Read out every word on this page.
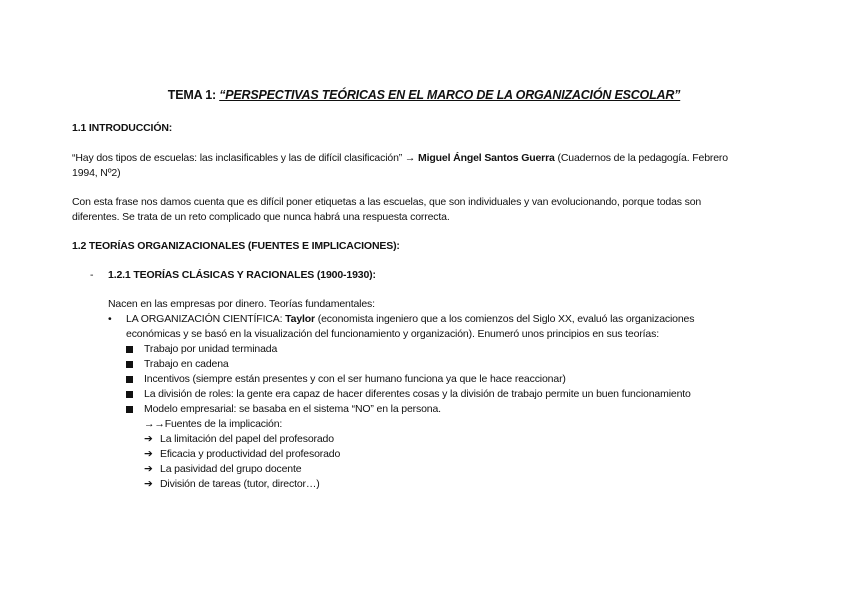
TEMA 1: “PERSPECTIVAS TEÓRICAS EN EL MARCO DE LA ORGANIZACIÓN ESCOLAR”
1.1 INTRODUCCIÓN:
“Hay dos tipos de escuelas: las inclasificables y las de difícil clasificación” → Miguel Ángel Santos Guerra (Cuadernos de la pedagogía. Febrero
1994, Nº2)
Con esta frase nos damos cuenta que es difícil poner etiquetas a las escuelas, que son individuales y van evolucionando, porque todas son
diferentes. Se trata de un reto complicado que nunca habrá una respuesta correcta.
1.2 TEORÍAS ORGANIZACIONALES (FUENTES E IMPLICACIONES):
- 1.2.1 TEORÍAS CLÁSICAS Y RACIONALES (1900-1930):
Nacen en las empresas por dinero. Teorías fundamentales:
• LA ORGANIZACIÓN CIENTÍFICA: Taylor (economista ingeniero que a los comienzos del Siglo XX, evaluó las organizaciones
económicas y se basó en la visualización del funcionamiento y organización). Enumeró unos principios en sus teorías:
Trabajo por unidad terminada
Trabajo en cadena
Incentivos (siempre están presentes y con el ser humano funciona ya que le hace reaccionar)
La división de roles: la gente era capaz de hacer diferentes cosas y la división de trabajo permite un buen funcionamiento
Modelo empresarial: se basaba en el sistema “NO” en la persona.
→→Fuentes de la implicación:
➔ La limitación del papel del profesorado
➔ Eficacia y productividad del profesorado
➔ La pasividad del grupo docente
➔ División de tareas (tutor, director…)
